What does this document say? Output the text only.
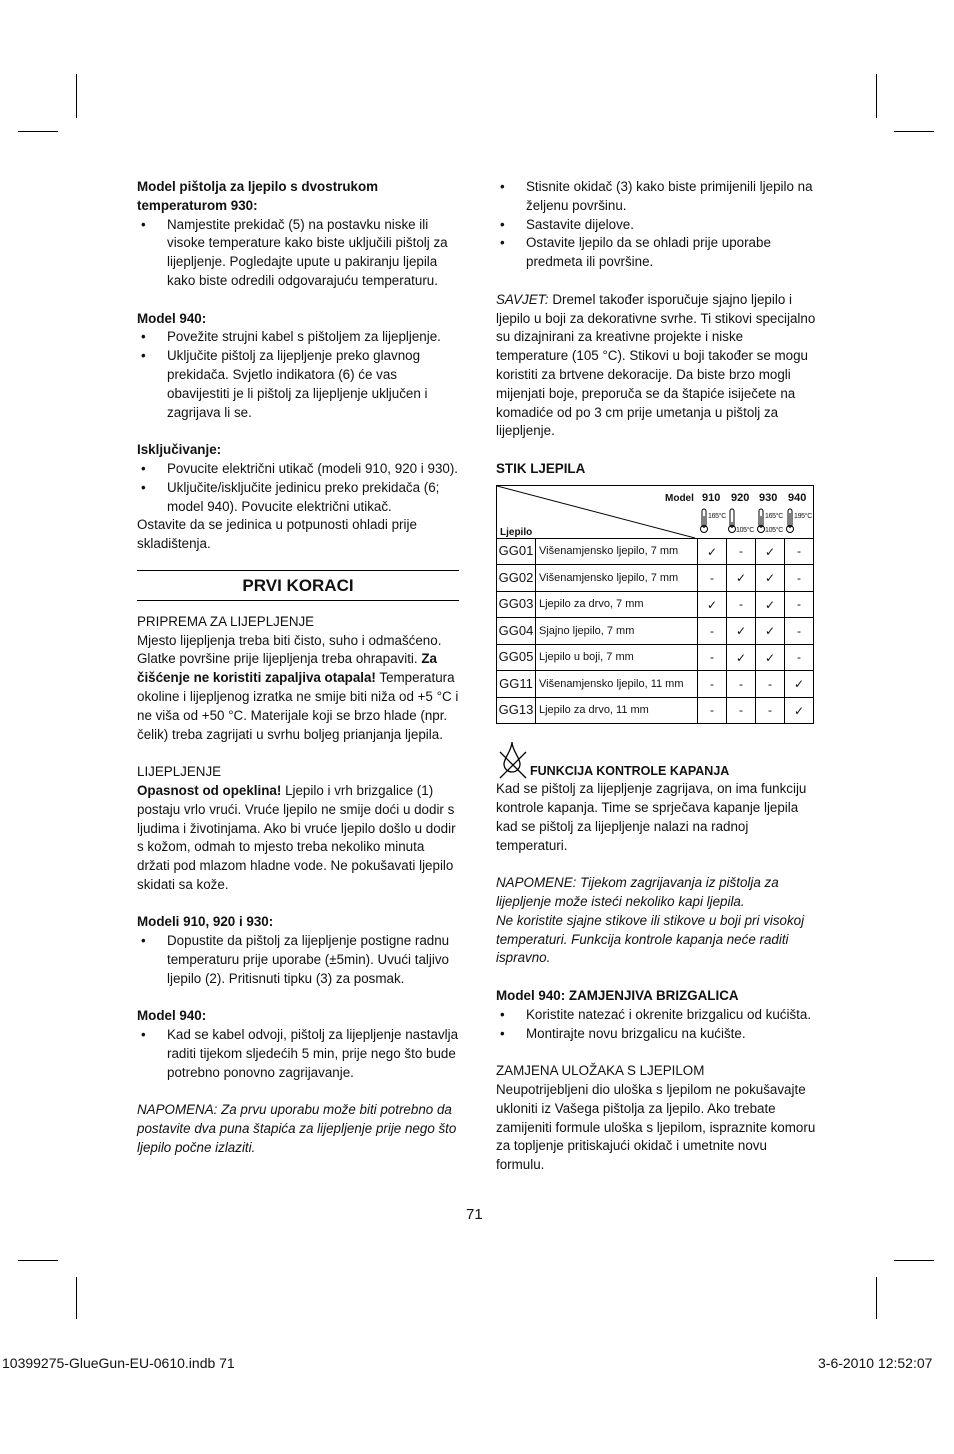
Model pištolja za ljepilo s dvostrukom temperaturom 930:

• Namjestite prekidač (5) na postavku niske ili visoke temperature kako biste uključili pištolj za lijepljenje. Pogledajte upute u pakiranju ljepila kako biste odredili odgovarajuću temperaturu.

Model 940:

• Povežite strujni kabel s pištoljem za lijepljenje.
• Uključite pištolj za lijepljenje preko glavnog prekidača. Svjetlo indikatora (6) će vas obavijestiti je li pištolj za lijepljenje uključen i zagrijava li se.

Isključivanje:

• Povucite električni utikač (modeli 910, 920 i 930).
• Uključite/isključite jedinicu preko prekidača (6; model 940). Povucite električni utikač.

Ostavite da se jedinica u potpunosti ohladi prije skladištenja.

PRVI KORACI

PRIPREMA ZA LIJEPLJENJE

Mjesto lijepljenja treba biti čisto, suho i odmašćeno. Glatke površine prije lijepljenja treba ohrapaviti. Za čišćenje ne koristiti zapaljiva otapala! Temperatura okoline i lijepljenog izratka ne smije biti niža od +5 °C i ne viša od +50 °C. Materijale koji se brzo hlade (npr. čelik) treba zagrijati u svrhu boljeg prianjanja ljepila.

LIJEPLJENJE

Opasnost od opeklina! Ljepilo i vrh brizgalice (1) postaju vrlo vrući. Vruće ljepilo ne smije doći u dodir s ljudima i životinjama. Ako bi vruće ljepilo došlo u dodir s kožom, odmah to mjesto treba nekoliko minuta držati pod mlazom hladne vode. Ne pokušavati ljepilo skidati sa kože.

Modeli 910, 920 i 930:

• Dopustite da pištolj za lijepljenje postigne radnu temperaturu prije uporabe (±5min). Uvući taljivo ljepilo (2). Pritisnuti tipku (3) za posmak.

Model 940:

• Kad se kabel odvoji, pištolj za lijepljenje nastavlja raditi tijekom sljedećih 5 min, prije nego što bude potrebno ponovno zagrijavanje.

NAPOMENA: Za prvu uporabu može biti potrebno da postavite dva puna štapića za lijepljenje prije nego što ljepilo počne izlaziti.

• Stisnite okidač (3) kako biste primijenili ljepilo na željenu površinu.
• Sastavite dijelove.
• Ostavite ljepilo da se ohladi prije uporabe predmeta ili površine.

SAVJET: Dremel također isporučuje sjajno ljepilo i ljepilo u boji za dekorativne svrhe. Ti stikovi specijalno su dizajnirani za kreativne projekte i niske temperature (105 °C). Stikovi u boji također se mogu koristiti za brtvene dekoracije. Da biste brzo mogli mijenjati boje, preporuča se da štapiće isiječete na komadiće od po 3 cm prije umetanja u pištolj za lijepljenje.

STIK LJEPILA

Model 910 920 930 940
Ljepilo
165°C
105°C
165°C
105°C
195°C
GG01	Višenamjensko ljepilo, 7 mm	✓	-	✓	-
GG02	Višenamjensko ljepilo, 7 mm	-	✓	✓	-
GG03	Ljepilo za drvo, 7 mm	✓	-	✓	-
GG04	Sjajno ljepilo, 7 mm	-	✓	✓	-
GG05	Ljepilo u boji, 7 mm	-	✓	✓	-
GG11	Višenamjensko ljepilo, 11 mm	-	-	-	✓
GG13	Ljepilo za drvo, 11 mm	-	-	-	✓

FUNKCIJA KONTROLE KAPANJA

Kad se pištolj za lijepljenje zagrijava, on ima funkciju kontrole kapanja. Time se sprječava kapanje ljepila kad se pištolj za lijepljenje nalazi na radnoj temperaturi.

NAPOMENE: Tijekom zagrijavanja iz pištolja za lijepljenje može isteći nekoliko kapi ljepila.

Ne koristite sjajne stikove ili stikove u boji pri visokoj temperaturi. Funkcija kontrole kapanja neće raditi ispravno.

Model 940: ZAMJENJIVA BRIZGALICA

• Koristite natezać i okrenite brizgalicu od kućišta.
• Montirajte novu brizgalicu na kućište.

ZAMJENA ULOŽAKA S LJEPILOM

Neupotrijebljeni dio uloška s ljepilom ne pokušavajte ukloniti iz Vašega pištolja za ljepilo. Ako trebate zamijeniti formule uloška s ljepilom, ispraznite komoru za topljenje pritiskajući okidač i umetnite novu formulu.

71
10399275-GlueGun-EU-0610.indb 71	3-6-2010 12:52:07
